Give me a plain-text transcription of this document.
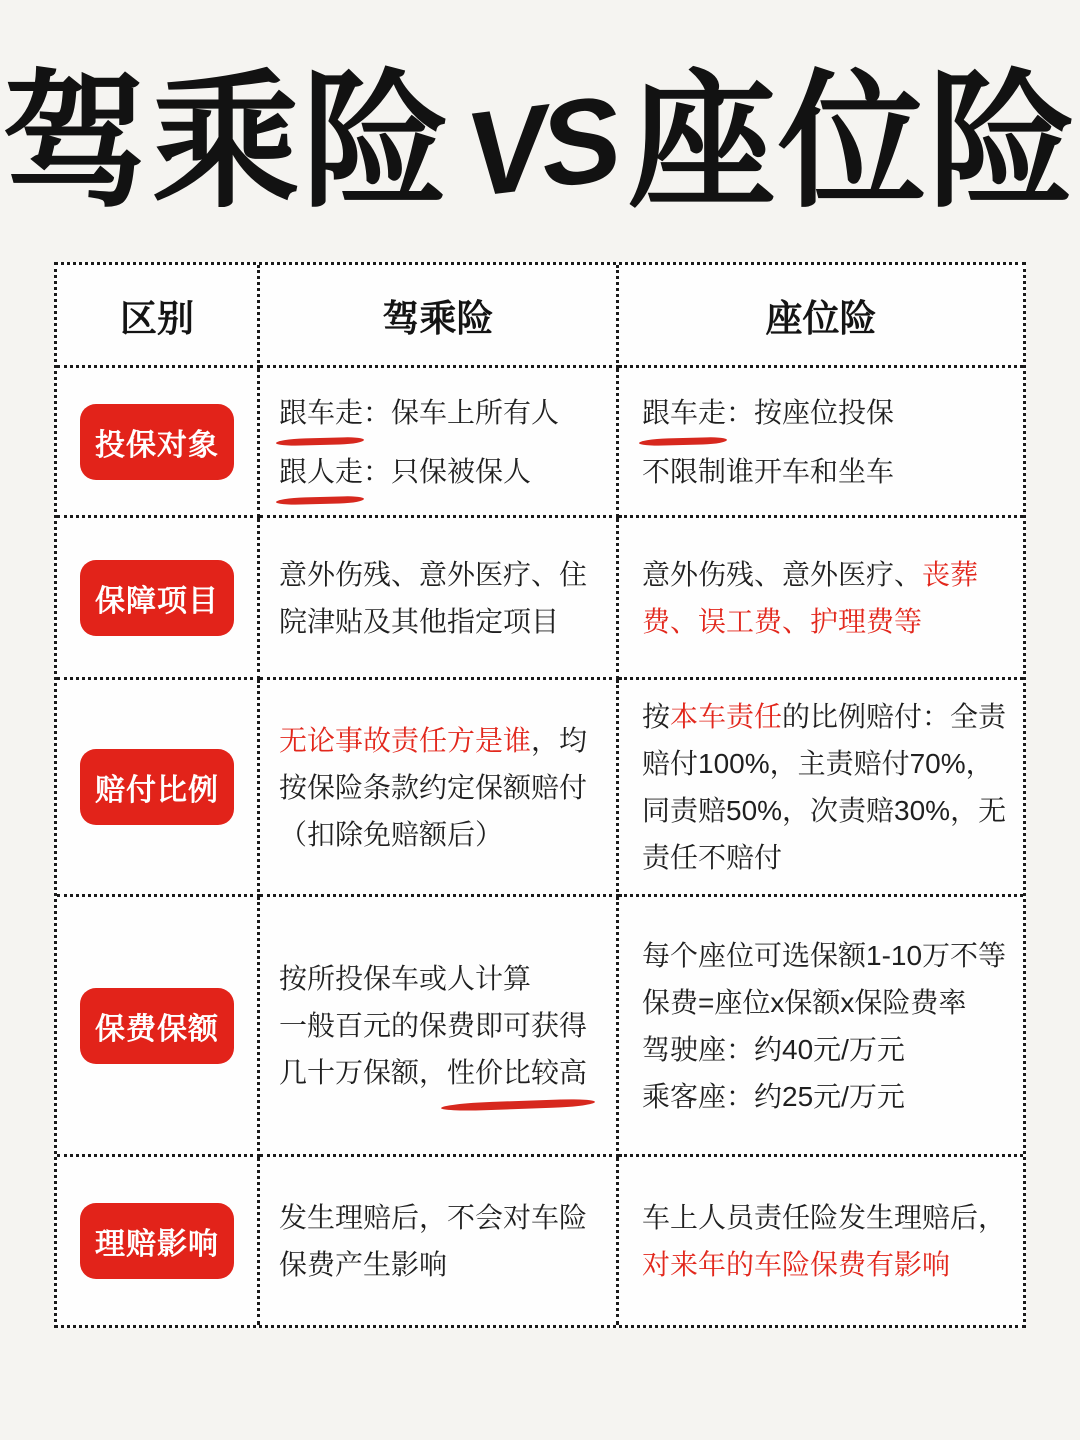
驾乘险 VS 座位险
区别	驾乘险	座位险
投保对象
跟车走：保车上所有人
跟人走：只保被保人
跟车走：按座位投保
不限制谁开车和坐车
保障项目
意外伤残、意外医疗、住院津贴及其他指定项目
意外伤残、意外医疗、丧葬费、误工费、护理费等
赔付比例
无论事故责任方是谁，均按保险条款约定保额赔付（扣除免赔额后）
按本车责任的比例赔付：全责赔付100%，主责赔付70%，同责赔50%，次责赔30%，无责任不赔付
保费保额
按所投保车或人计算
一般百元的保费即可获得
几十万保额，性价比较高
每个座位可选保额1-10万不等
保费=座位x保额x保险费率
驾驶座：约40元/万元
乘客座：约25元/万元
理赔影响
发生理赔后，不会对车险保费产生影响
车上人员责任险发生理赔后，
对来年的车险保费有影响
